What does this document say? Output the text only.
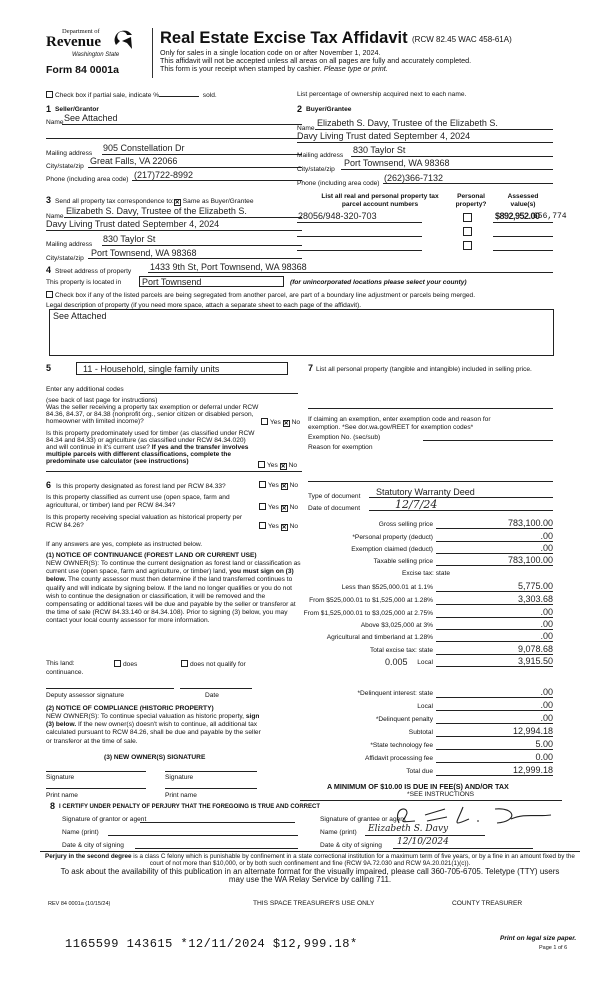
Department of
Revenue
Washington State
Form 84 0001a
Real Estate Excise Tax Affidavit (RCW 82.45 WAC 458-61A)
Only for sales in a single location code on or after November 1, 2024.
This affidavit will not be accepted unless all areas on all pages are fully and accurately completed.
This form is your receipt when stamped by cashier. Please type or print.
Check box if partial sale, indicate %	sold.	List percentage of ownership acquired next to each name.
1 Seller/Grantor
Name See Attached
Mailing address
905 Constellation Dr
City/state/zip
Great Falls, VA 22066
Phone (including area code) (217)722-8992
2 Buyer/Grantee
Name
Elizabeth S. Davy, Trustee of the Elizabeth S.
Davy Living Trust dated September 4, 2024
Mailing address
830 Taylor St
City/state/zip
Port Townsend, WA 98368
Phone (including area code)
(262)366-7132
3 Send all property tax correspondence to:✕ Same as Buyer/Grantee
Name
Elizabeth S. Davy, Trustee of the Elizabeth S.
Davy Living Trust dated September 4, 2024
Mailing address
830 Taylor St
City/state/zip
Port Townsend, WA 98368
List all real and personal property tax
parcel account numbers
Personal
property?
Assessed
value(s)
28056/948-320-703	$892,952.00
656,774
4 Street address of property 1433 9th St, Port Townsend, WA 98368
This property is located in	Port Townsend	(for unincorporated locations please select your county)
Check box if any of the listed parcels are being segregated from another parcel, are part of a boundary line adjustment or parcels being merged.
Legal description of property (if you need more space, attach a separate sheet to each page of the affidavit).
See Attached
5	11 - Household, single family units
Enter any additional codes
(see back of last page for instructions)
Was the seller receiving a property tax exemption or deferral under RCW 84.36, 84.37, or 84.38 (nonprofit org., senior citizen or disabled person, homeowner with limited income)?	Yes ✕ No
Is this property predominately used for timber (as classified under RCW 84.34 and 84.33) or agriculture (as classified under RCW 84.34.020) and will continue in it's current use? If yes and the transfer involves multiple parcels with different classifications, complete the predominate use calculator (see instructions)
Yes ✕ No
6 Is this property designated as forest land per RCW 84.33?	Yes ✕ No
Is this property classified as current use (open space, farm and agricultural, or timber) land per RCW 84.34?	Yes ✕ No
Is this property receiving special valuation as historical property per RCW 84.26?	Yes ✕ No
If any answers are yes, complete as instructed below.
(1) NOTICE OF CONTINUANCE (FOREST LAND OR CURRENT USE)
NEW OWNER(S): To continue the current designation as forest land or classification as current use (open space, farm and agriculture, or timber) land, you must sign on (3) below. The county assessor must then determine if the land transferred continues to qualify and will indicate by signing below. If the land no longer qualifies or you do not wish to continue the designation or classification, it will be removed and the compensating or additional taxes will be due and payable by the seller or transferor at the time of sale (RCW 84.33.140 or 84.34.108). Prior to signing (3) below, you may contact your local county assessor for more information.
This land:	does	does not qualify for
continuance.
Deputy assessor signature	Date
(2) NOTICE OF COMPLIANCE (HISTORIC PROPERTY)
NEW OWNER(S): To continue special valuation as historic property, sign (3) below. If the new owner(s) doesn't wish to continue, all additional tax calculated pursuant to RCW 84.26, shall be due and payable by the seller or transferor at the time of sale.
(3) NEW OWNER(S) SIGNATURE
Signature	Signature
Print name	Print name
7 List all personal property (tangible and intangible) included in selling price.
If claiming an exemption, enter exemption code and reason for exemption. *See dor.wa.gov/REET for exemption codes*
Exemption No. (sec/sub)
Reason for exemption
Type of document Statutory Warranty Deed
Date of document	12/7/24
Gross selling price	783,100.00
*Personal property (deduct)	.00
Exemption claimed (deduct)	.00
Taxable selling price	783,100.00
Excise tax: state
Less than $525,000.01 at 1.1%	5,775.00
From $525,000.01 to $1,525,000 at 1.28%	3,303.68
From $1,525,000.01 to $3,025,000 at 2.75%	.00
Above $3,025,000 at 3%	.00
Agricultural and timberland at 1.28%	.00
Total excise tax: state	9,078.68
Local	3,915.50
0.005
*Delinquent interest: state	.00
Local	.00
*Delinquent penalty	.00
Subtotal	12,994.18
*State technology fee	5.00
Affidavit processing fee	0.00
Total due	12,999.18
A MINIMUM OF $10.00 IS DUE IN FEE(S) AND/OR TAX
*SEE INSTRUCTIONS
8 I CERTIFY UNDER PENALTY OF PERJURY THAT THE FOREGOING IS TRUE AND CORRECT
Signature of grantor or agent
Name (print)
Date & city of signing
Signature of grantee or agent
Name (print) Elizabeth S. Davy
Date & city of signing 12/10/2024
Perjury in the second degree is a class C felony which is punishable by confinement in a state correctional institution for a maximum term of five years, or by a fine in an amount fixed by the court of not more than $10,000, or by both such confinement and fine (RCW 9A.72.030 and RCW 9A.20.021(1)(c)).
To ask about the availability of this publication in an alternate format for the visually impaired, please call 360-705-6705. Teletype (TTY) users may use the WA Relay Service by calling 711.
REV 84 0001a (10/15/24)	THIS SPACE TREASURER'S USE ONLY	COUNTY TREASURER
1165599 143615 *12/11/2024 $12,999.18*	Print on legal size paper.
Page 1 of 6
